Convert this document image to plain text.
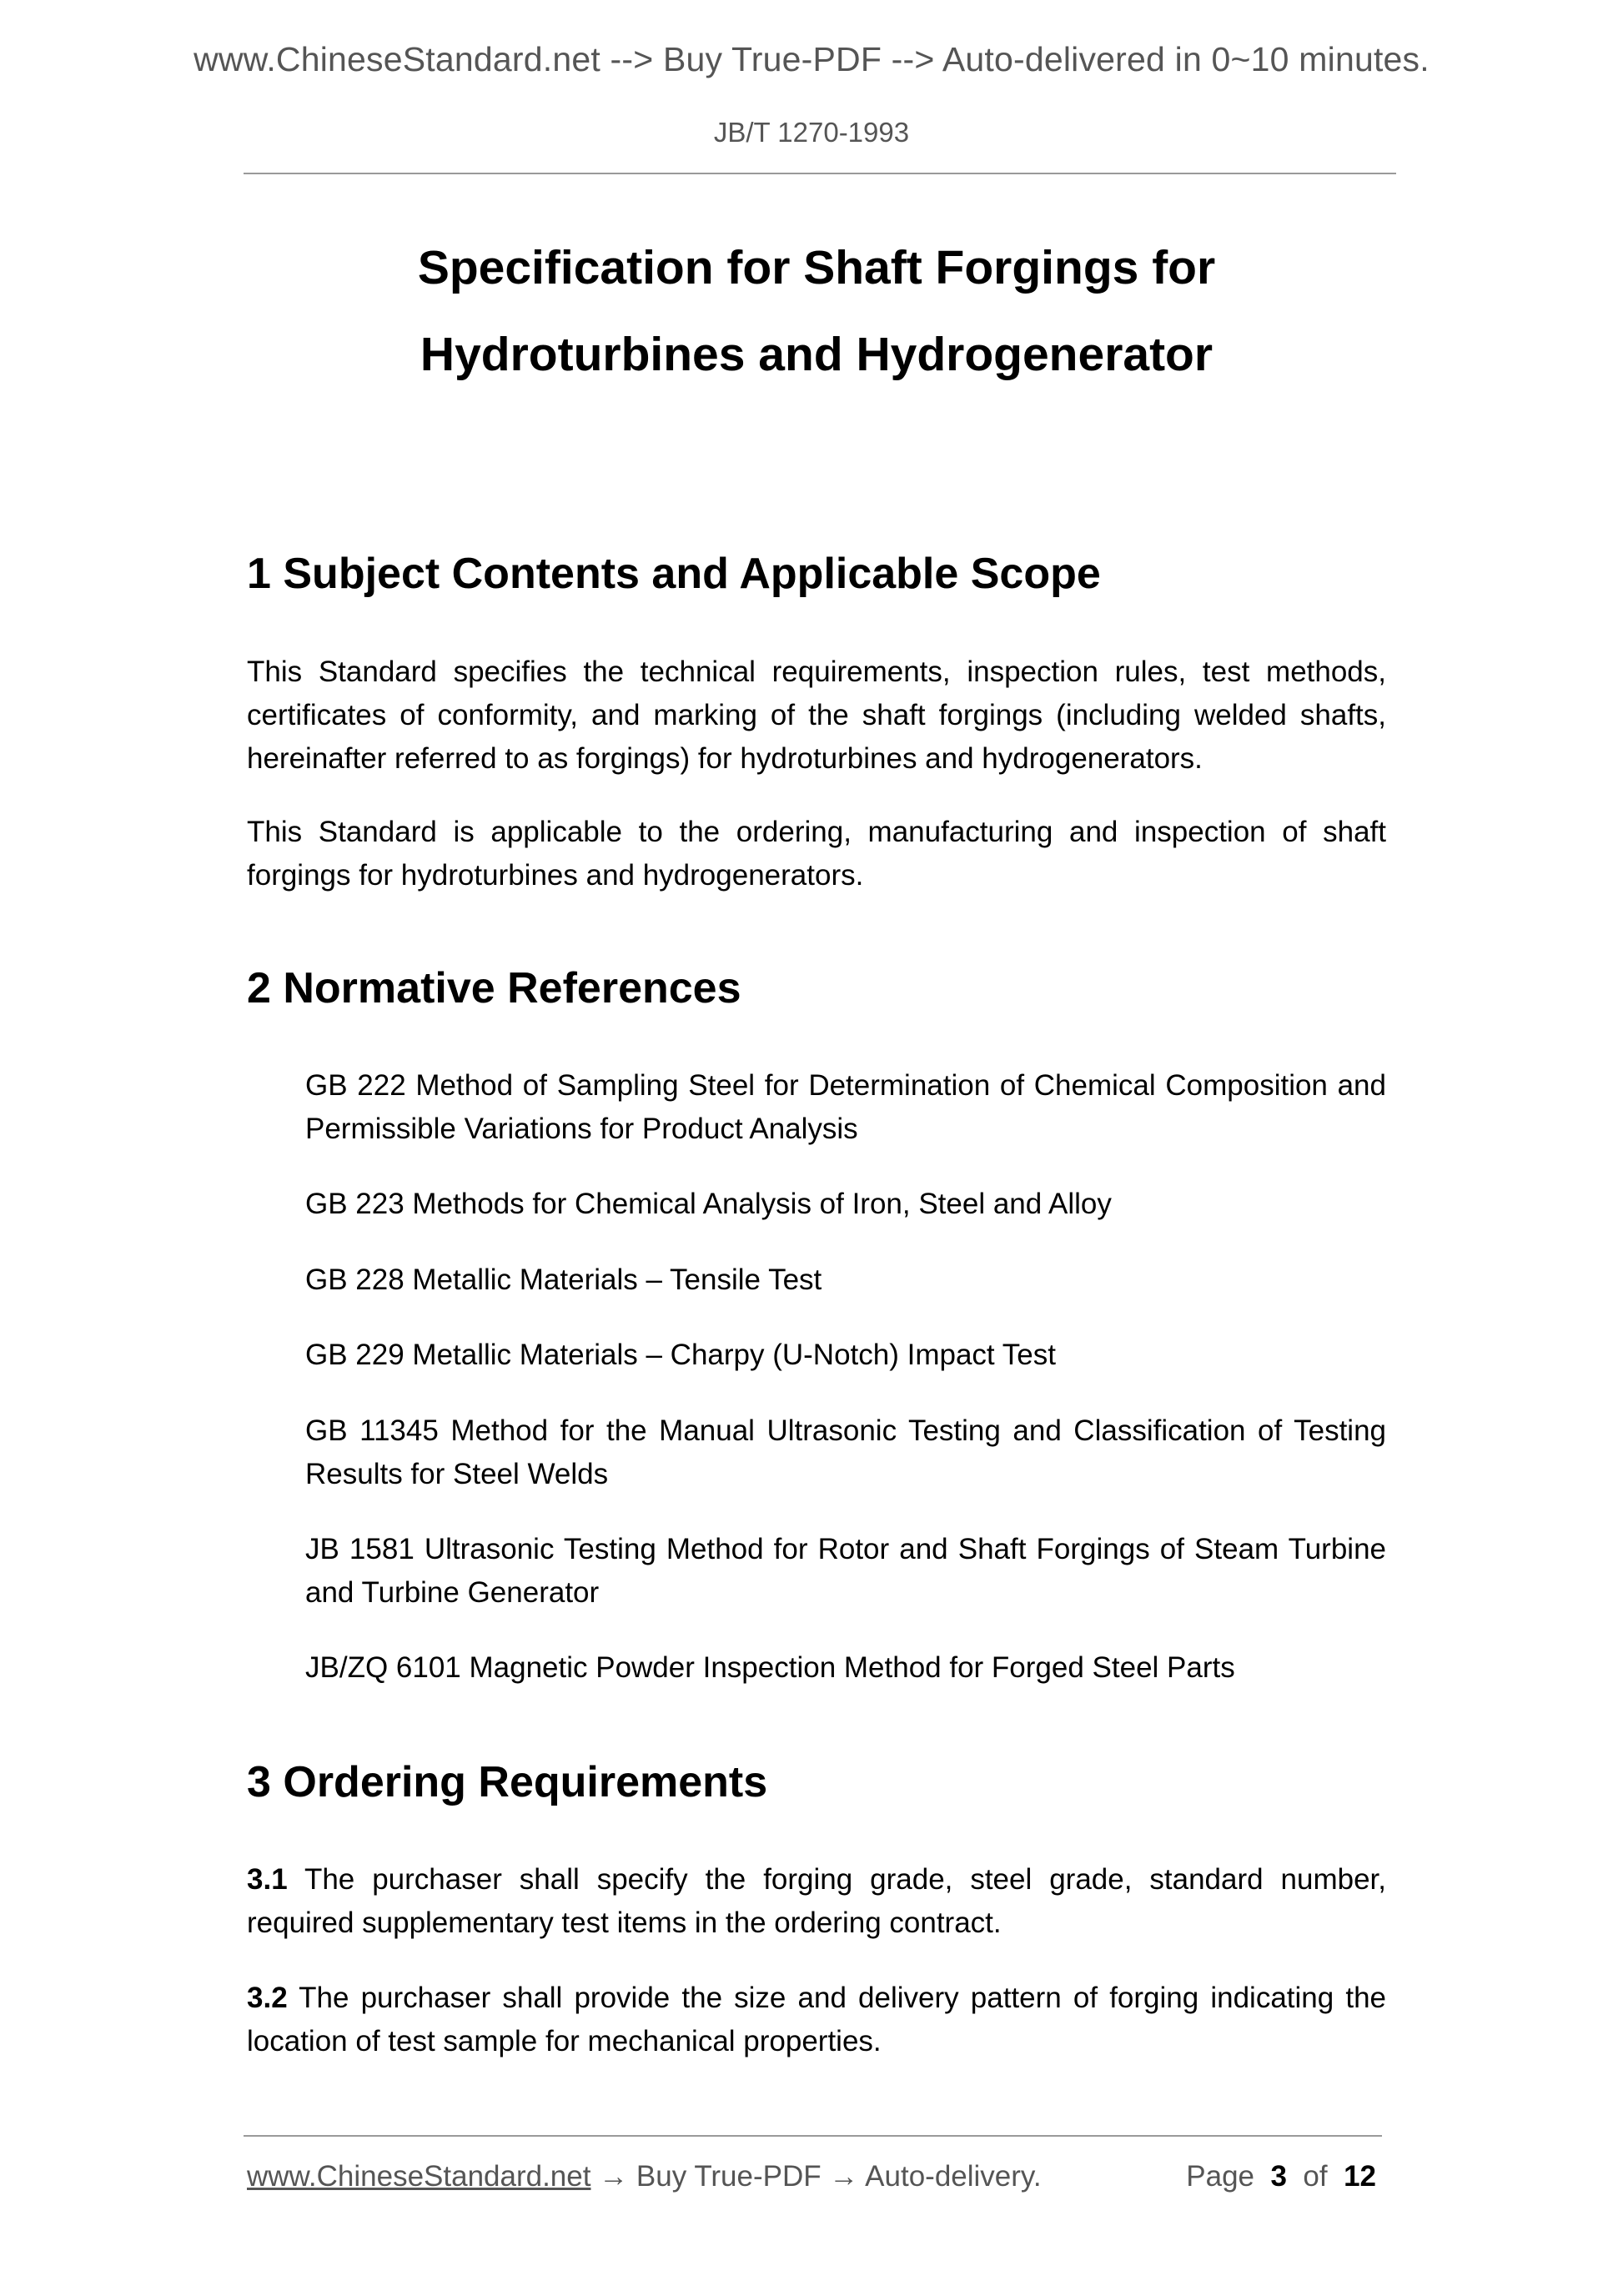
www.ChineseStandard.net --> Buy True-PDF --> Auto-delivered in 0~10 minutes.
JB/T 1270-1993
Specification for Shaft Forgings for
Hydroturbines and Hydrogenerator
1 Subject Contents and Applicable Scope
This Standard specifies the technical requirements, inspection rules, test methods, certificates of conformity, and marking of the shaft forgings (including welded shafts, hereinafter referred to as forgings) for hydroturbines and hydrogenerators.
This Standard is applicable to the ordering, manufacturing and inspection of shaft forgings for hydroturbines and hydrogenerators.
2 Normative References
GB 222 Method of Sampling Steel for Determination of Chemical Composition and Permissible Variations for Product Analysis
GB 223 Methods for Chemical Analysis of Iron, Steel and Alloy
GB 228 Metallic Materials – Tensile Test
GB 229 Metallic Materials – Charpy (U-Notch) Impact Test
GB 11345 Method for the Manual Ultrasonic Testing and Classification of Testing Results for Steel Welds
JB 1581 Ultrasonic Testing Method for Rotor and Shaft Forgings of Steam Turbine and Turbine Generator
JB/ZQ 6101 Magnetic Powder Inspection Method for Forged Steel Parts
3 Ordering Requirements
3.1 The purchaser shall specify the forging grade, steel grade, standard number, required supplementary test items in the ordering contract.
3.2 The purchaser shall provide the size and delivery pattern of forging indicating the location of test sample for mechanical properties.
www.ChineseStandard.net → Buy True-PDF → Auto-delivery.	Page 3 of 12
